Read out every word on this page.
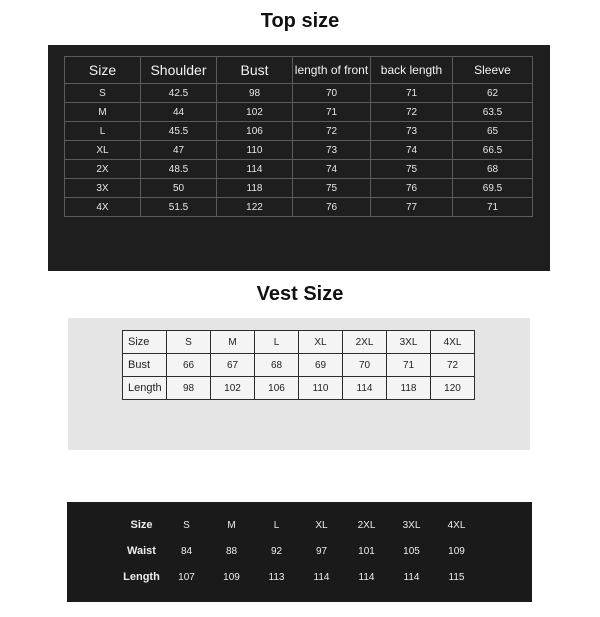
Top size
Size	Shoulder	Bust	length of front	back length	Sleeve
S	42.5	98	70	71	62
M	44	102	71	72	63.5
L	45.5	106	72	73	65
XL	47	110	73	74	66.5
2X	48.5	114	74	75	68
3X	50	118	75	76	69.5
4X	51.5	122	76	77	71
Vest Size
Size	S	M	L	XL	2XL	3XL	4XL
Bust	66	67	68	69	70	71	72
Length	98	102	106	110	114	118	120
Size	S	M	L	XL	2XL	3XL	4XL
Waist	84	88	92	97	101	105	109
Length	107	109	113	114	114	114	115
